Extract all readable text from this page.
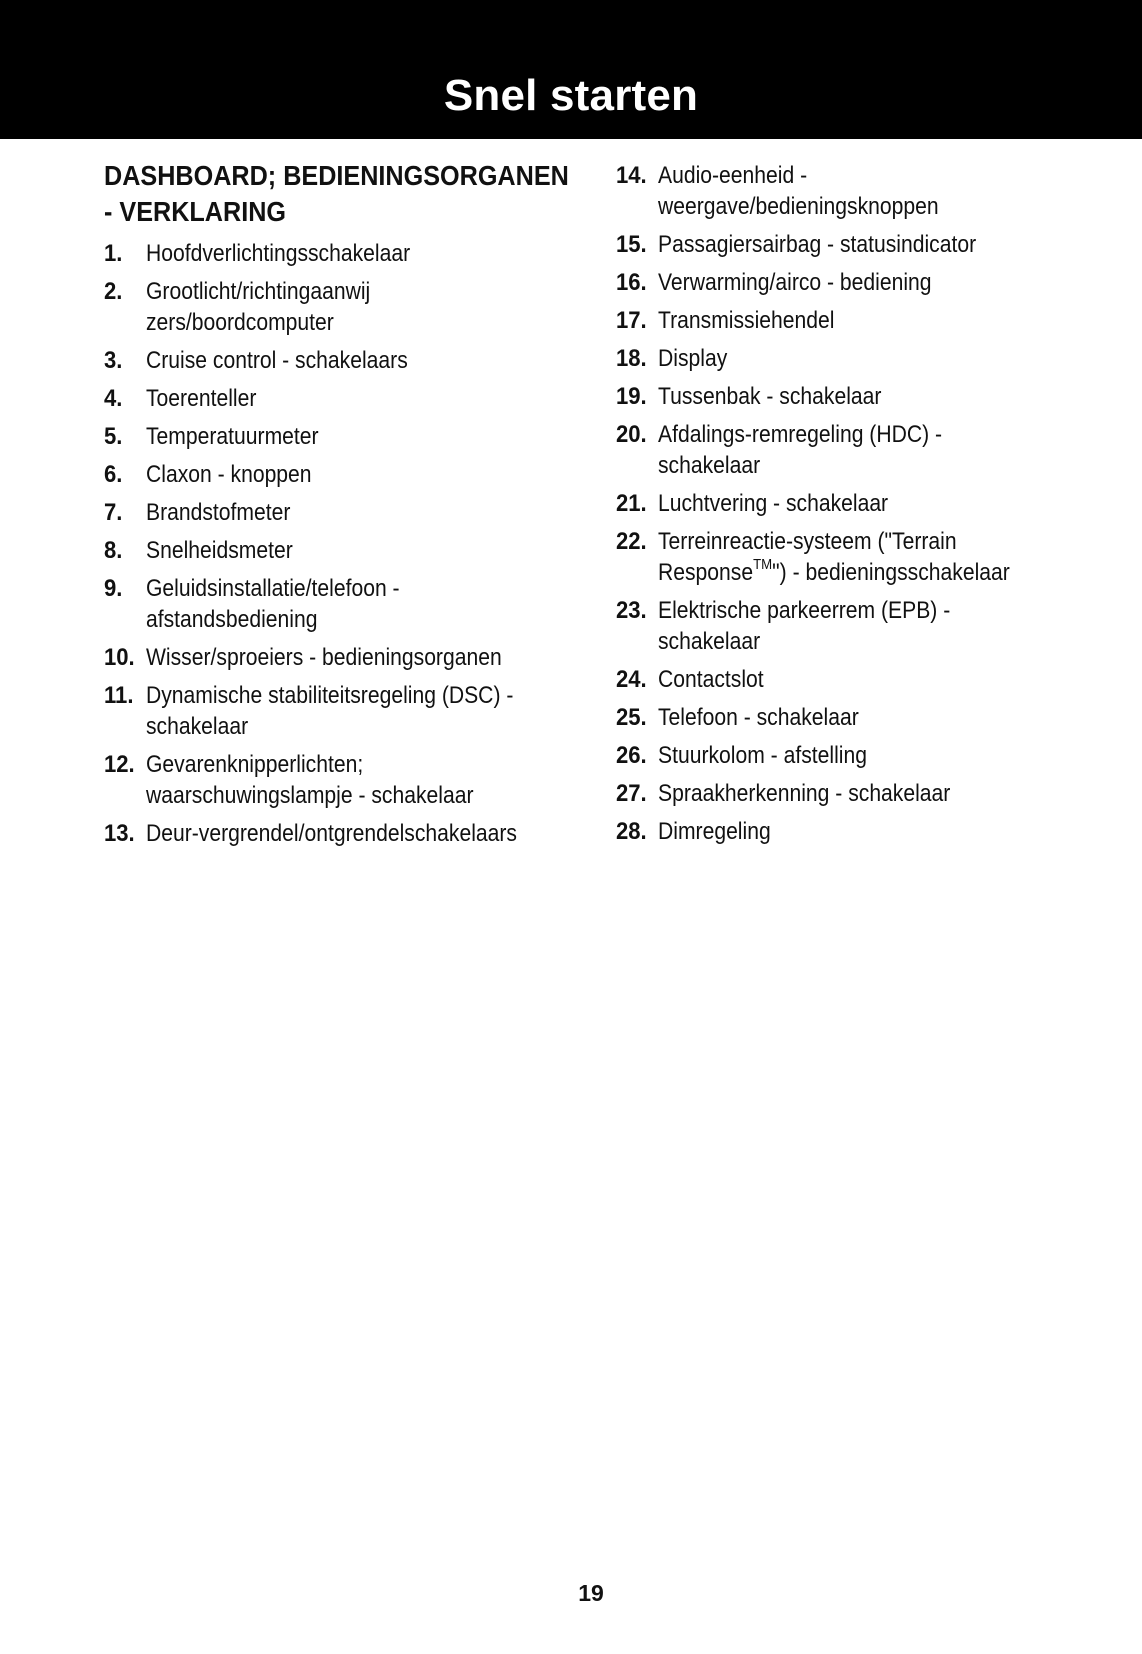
Snel starten
DASHBOARD; BEDIENINGSORGANEN
- VERKLARING
1. Hoofdverlichtingsschakelaar
2. Grootlicht/richtingaanwij
zers/boordcomputer
3. Cruise control - schakelaars
4. Toerenteller
5. Temperatuurmeter
6. Claxon - knoppen
7. Brandstofmeter
8. Snelheidsmeter
9. Geluidsinstallatie/telefoon -
afstandsbediening
10. Wisser/sproeiers - bedieningsorganen
11. Dynamische stabiliteitsregeling (DSC) -
schakelaar
12. Gevarenknipperlichten;
waarschuwingslampje - schakelaar
13. Deur-vergrendel/ontgrendelschakelaars
14. Audio-eenheid -
weergave/bedieningsknoppen
15. Passagiersairbag - statusindicator
16. Verwarming/airco - bediening
17. Transmissiehendel
18. Display
19. Tussenbak - schakelaar
20. Afdalings-remregeling (HDC) - schakelaar
21. Luchtvering - schakelaar
22. Terreinreactie-systeem ("Terrain
Response™") - bedieningsschakelaar
23. Elektrische parkeerrem (EPB) - schakelaar
24. Contactslot
25. Telefoon - schakelaar
26. Stuurkolom - afstelling
27. Spraakherkenning - schakelaar
28. Dimregeling
19
